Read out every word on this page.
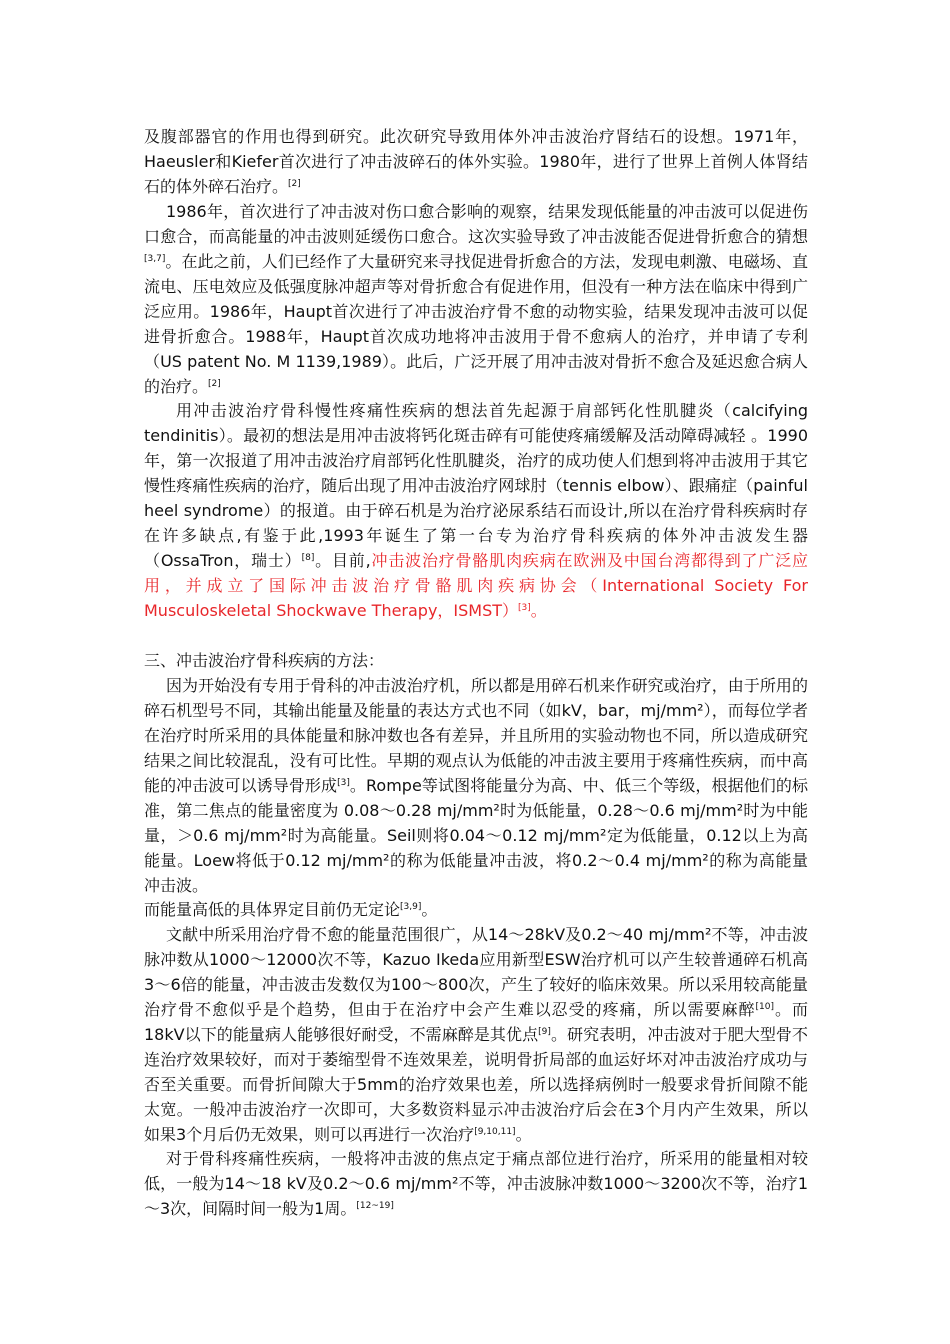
及腹部器官的作用也得到研究。此次研究导致用体外冲击波治疗肾结石的设想。1971年，Haeusler和Kiefer首次进行了冲击波碎石的体外实验。1980年，进行了世界上首例人体肾结石的体外碎石治疗。[2]

1986年，首次进行了冲击波对伤口愈合影响的观察，结果发现低能量的冲击波可以促进伤口愈合，而高能量的冲击波则延缓伤口愈合。这次实验导致了冲击波能否促进骨折愈合的猜想[3,7]。在此之前，人们已经作了大量研究来寻找促进骨折愈合的方法，发现电刺激、电磁场、直流电、压电效应及低强度脉冲超声等对骨折愈合有促进作用，但没有一种方法在临床中得到广泛应用。1986年，Haupt首次进行了冲击波治疗骨不愈的动物实验，结果发现冲击波可以促进骨折愈合。1988年，Haupt首次成功地将冲击波用于骨不愈病人的治疗，并申请了专利（US patent No. M 1139,1989）。此后，广泛开展了用冲击波对骨折不愈合及延迟愈合病人的治疗。[2]

用冲击波治疗骨科慢性疼痛性疾病的想法首先起源于肩部钙化性肌腱炎（calcifying tendinitis）。最初的想法是用冲击波将钙化斑击碎有可能使疼痛缓解及活动障碍减轻 。1990年，第一次报道了用冲击波治疗肩部钙化性肌腱炎，治疗的成功使人们想到将冲击波用于其它慢性疼痛性疾病的治疗，随后出现了用冲击波治疗网球肘（tennis elbow）、跟痛症（painful heel syndrome）的报道。由于碎石机是为治疗泌尿系结石而设计,所以在治疗骨科疾病时存在许多缺点,有鉴于此,1993年诞生了第一台专为治疗骨科疾病的体外冲击波发生器（OssaTron，瑞士）[8]。目前,冲击波治疗骨骼肌肉疾病在欧洲及中国台湾都得到了广泛应用，并成立了国际冲击波治疗骨骼肌肉疾病协会（International Society For Musculoskeletal Shockwave Therapy，ISMST）[3]。

三、冲击波治疗骨科疾病的方法：

因为开始没有专用于骨科的冲击波治疗机，所以都是用碎石机来作研究或治疗，由于所用的碎石机型号不同，其输出能量及能量的表达方式也不同（如kV，bar，mj/mm²），而每位学者在治疗时所采用的具体能量和脉冲数也各有差异，并且所用的实验动物也不同，所以造成研究结果之间比较混乱，没有可比性。早期的观点认为低能的冲击波主要用于疼痛性疾病，而中高能的冲击波可以诱导骨形成[3]。Rompe等试图将能量分为高、中、低三个等级，根据他们的标准，第二焦点的能量密度为 0.08～0.28 mj/mm²时为低能量，0.28～0.6 mj/mm²时为中能量，＞0.6 mj/mm²时为高能量。Seil则将0.04～0.12 mj/mm²定为低能量，0.12以上为高能量。Loew将低于0.12 mj/mm²的称为低能量冲击波，将0.2～0.4 mj/mm²的称为高能量冲击波。

而能量高低的具体界定目前仍无定论[3,9]。

文献中所采用治疗骨不愈的能量范围很广，从14～28kV及0.2～40 mj/mm²不等，冲击波脉冲数从1000～12000次不等，Kazuo Ikeda应用新型ESW治疗机可以产生较普通碎石机高3～6倍的能量，冲击波击发数仅为100～800次，产生了较好的临床效果。所以采用较高能量治疗骨不愈似乎是个趋势，但由于在治疗中会产生难以忍受的疼痛，所以需要麻醉[10]。而18kV以下的能量病人能够很好耐受，不需麻醉是其优点[9]。研究表明，冲击波对于肥大型骨不连治疗效果较好，而对于萎缩型骨不连效果差，说明骨折局部的血运好坏对冲击波治疗成功与否至关重要。而骨折间隙大于5mm的治疗效果也差，所以选择病例时一般要求骨折间隙不能太宽。一般冲击波治疗一次即可，大多数资料显示冲击波治疗后会在3个月内产生效果，所以如果3个月后仍无效果，则可以再进行一次治疗[9,10,11]。

对于骨科疼痛性疾病，一般将冲击波的焦点定于痛点部位进行治疗，所采用的能量相对较低，一般为14～18 kV及0.2～0.6 mj/mm²不等，冲击波脉冲数1000～3200次不等，治疗1～3次，间隔时间一般为1周。[12~19]
